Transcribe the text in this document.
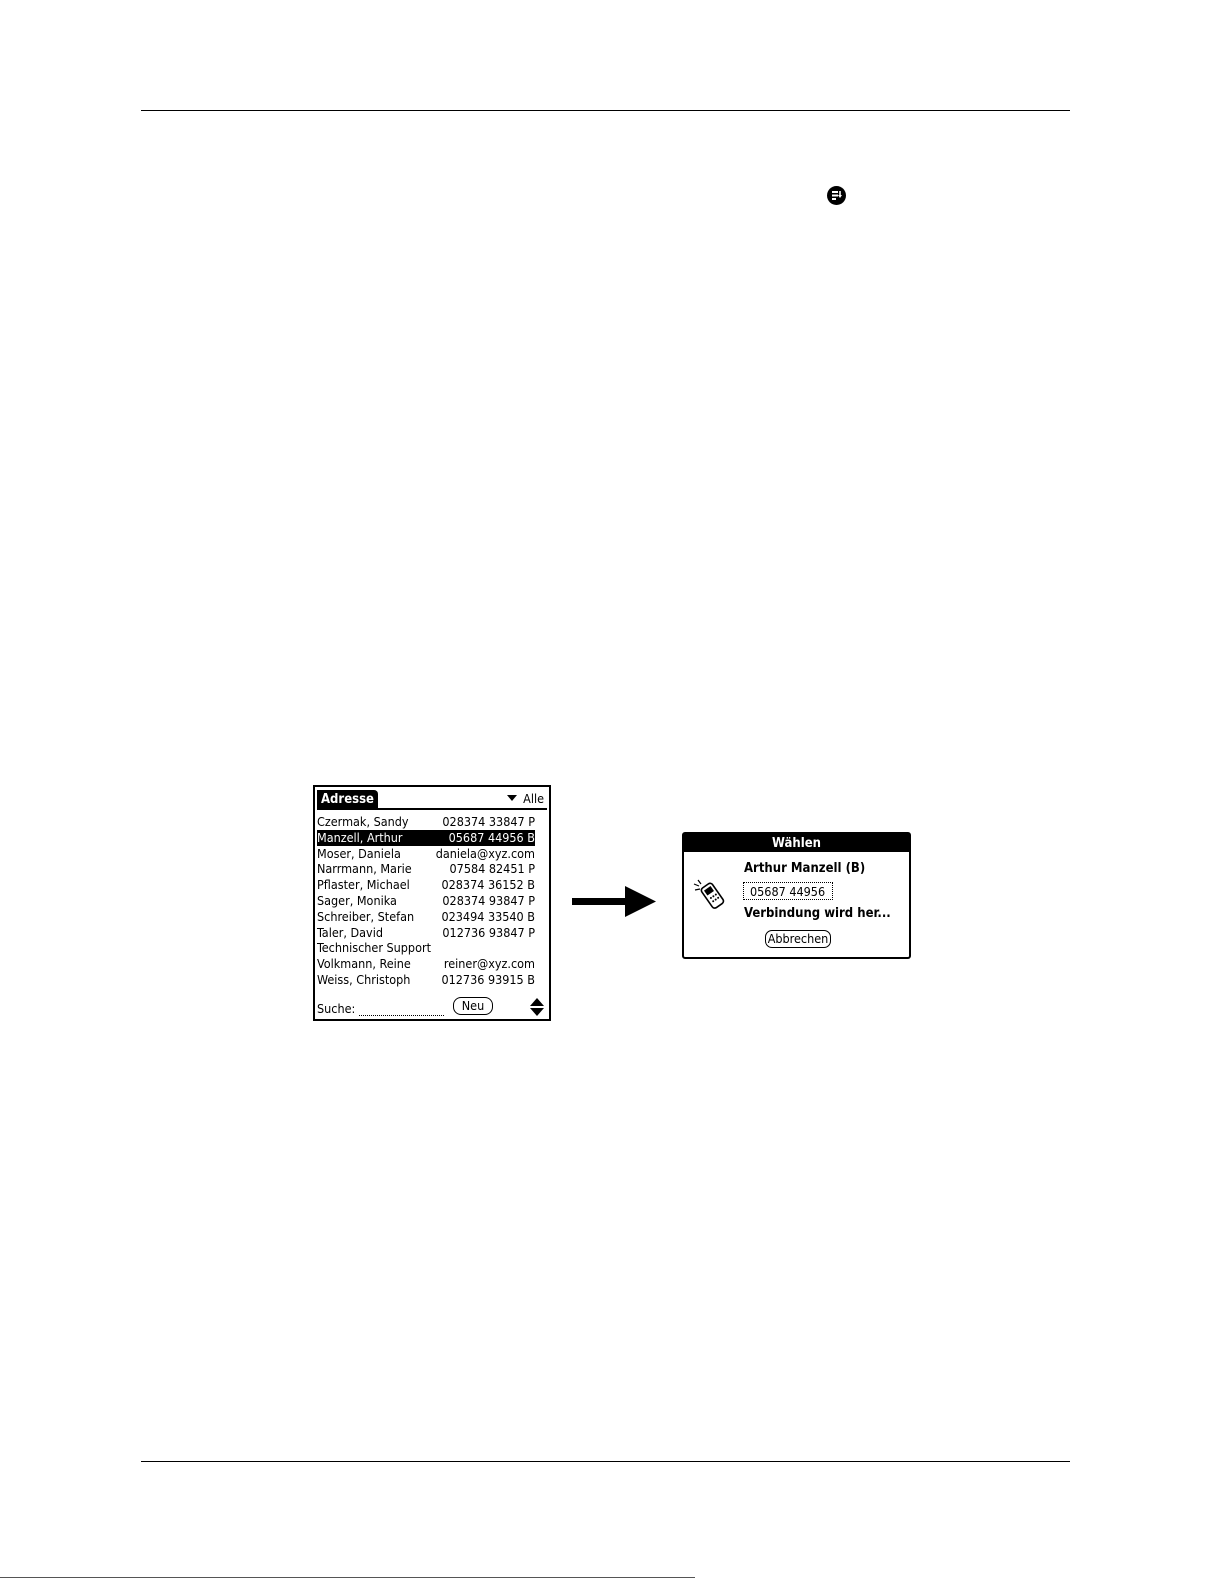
Adresse	Alle
Czermak, Sandy	028374 33847 P
Manzell, Arthur	05687 44956 B
Moser, Daniela	daniela@xyz.com
Narrmann, Marie	07584 82451 P
Pflaster, Michael	028374 36152 B
Sager, Monika	028374 93847 P
Schreiber, Stefan 023494 33540 B
Taler, David	012736 93847 P
Technischer Support
Volkmann, Reine	reiner@xyz.com
Weiss, Christoph 012736 93915 B
Suche:	Neu
Wählen
Arthur Manzell (B)
05687 44956
Verbindung wird her...
Abbrechen
